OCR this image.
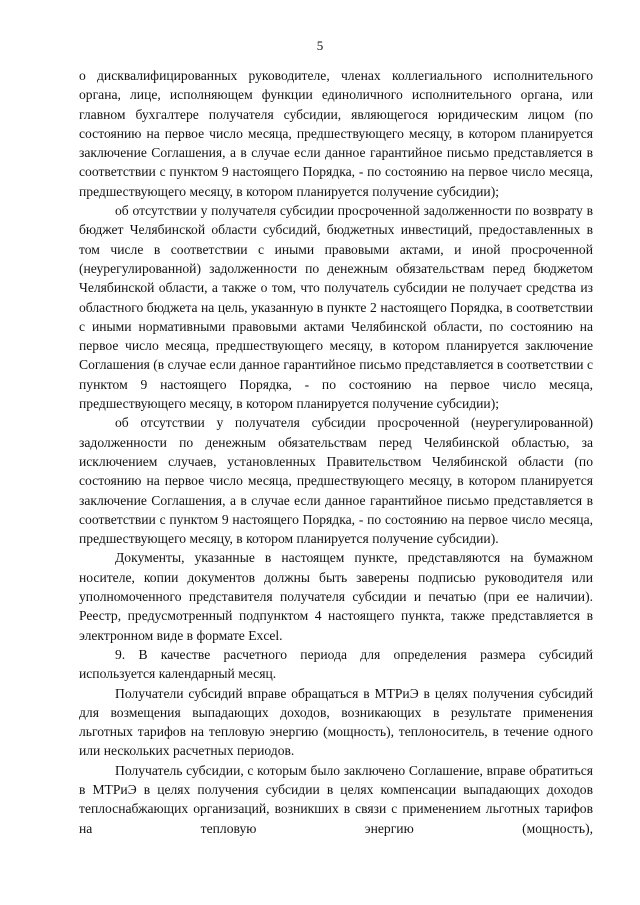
5

о дисквалифицированных руководителе, членах коллегиального исполнительного органа, лице, исполняющем функции единоличного исполнительного органа, или главном бухгалтере получателя субсидии, являющегося юридическим лицом (по состоянию на первое число месяца, предшествующего месяцу, в котором планируется заключение Соглашения, а в случае если данное гарантийное письмо представляется в соответствии с пунктом 9 настоящего Порядка, - по состоянию на первое число месяца, предшествующего месяцу, в котором планируется получение субсидии);

об отсутствии у получателя субсидии просроченной задолженности по возврату в бюджет Челябинской области субсидий, бюджетных инвестиций, предоставленных в том числе в соответствии с иными правовыми актами, и иной просроченной (неурегулированной) задолженности по денежным обязательствам перед бюджетом Челябинской области, а также о том, что получатель субсидии не получает средства из областного бюджета на цель, указанную в пункте 2 настоящего Порядка, в соответствии с иными нормативными правовыми актами Челябинской области, по состоянию на первое число месяца, предшествующего месяцу, в котором планируется заключение Соглашения (в случае если данное гарантийное письмо представляется в соответствии с пунктом 9 настоящего Порядка, - по состоянию на первое число месяца, предшествующего месяцу, в котором планируется получение субсидии);

об отсутствии у получателя субсидии просроченной (неурегулированной) задолженности по денежным обязательствам перед Челябинской областью, за исключением случаев, установленных Правительством Челябинской области (по состоянию на первое число месяца, предшествующего месяцу, в котором планируется заключение Соглашения, а в случае если данное гарантийное письмо представляется в соответствии с пунктом 9 настоящего Порядка, - по состоянию на первое число месяца, предшествующего месяцу, в котором планируется получение субсидии).

Документы, указанные в настоящем пункте, представляются на бумажном носителе, копии документов должны быть заверены подписью руководителя или уполномоченного представителя получателя субсидии и печатью (при ее наличии). Реестр, предусмотренный подпунктом 4 настоящего пункта, также представляется в электронном виде в формате Excel.

9. В качестве расчетного периода для определения размера субсидий используется календарный месяц.

Получатели субсидий вправе обращаться в МТРиЭ в целях получения субсидий для возмещения выпадающих доходов, возникающих в результате применения льготных тарифов на тепловую энергию (мощность), теплоноситель, в течение одного или нескольких расчетных периодов.

Получатель субсидии, с которым было заключено Соглашение, вправе обратиться в МТРиЭ в целях получения субсидии в целях компенсации выпадающих доходов теплоснабжающих организаций, возникших в связи с применением льготных тарифов на тепловую энергию (мощность),
